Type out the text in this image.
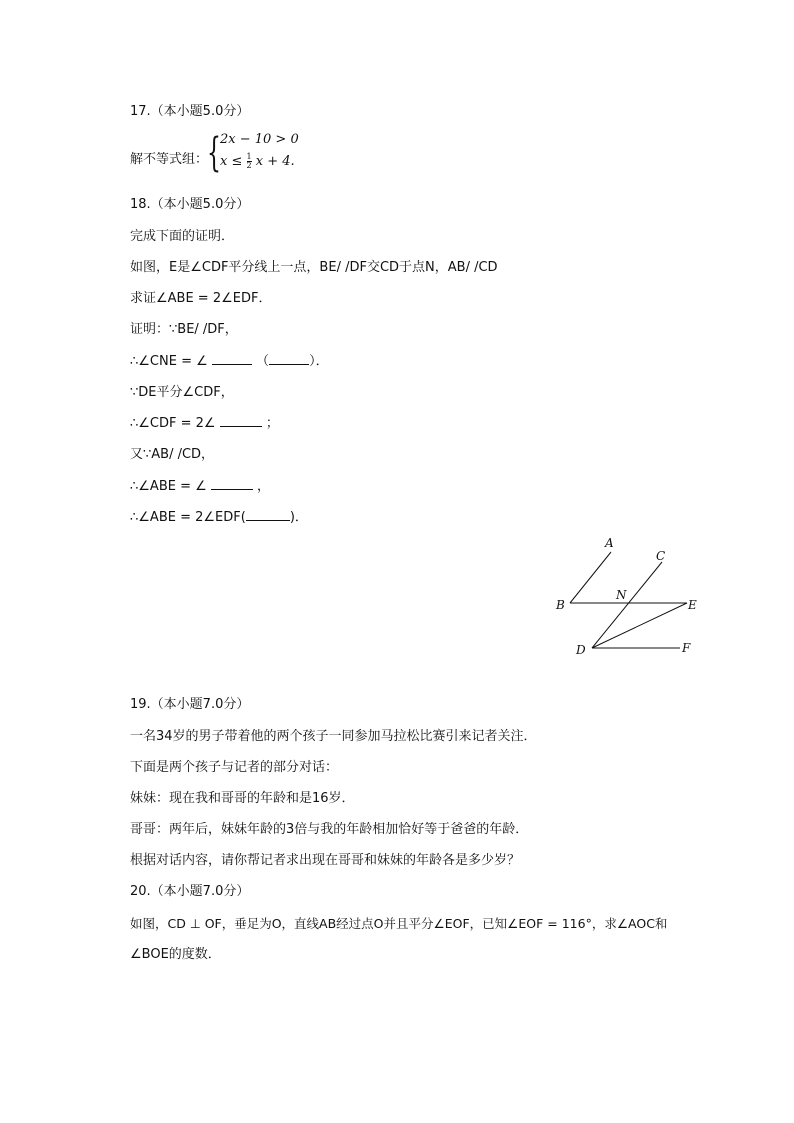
17.（本小题5.0分）
解不等式组：
{ 2x − 10 > 0
$x \le \frac{1}{2}$ x + 4.
18.（本小题5.0分）
完成下面的证明．
如图，E是∠CDF平分线上一点，BE/ /DF交CD于点N，AB/ /CD
求证∠ABE = 2∠EDF．
证明：∵BE/ /DF，
∴∠CNE = ∠	（	）．
∵DE平分∠CDF，
∴∠CDF = 2∠	；
又∵AB/ /CD，
∴∠ABE = ∠	，
∴∠ABE = 2∠EDF(	)．
A
C
B
N
E
D	F
19.（本小题7.0分）
一名34岁的男子带着他的两个孩子一同参加马拉松比赛引来记者关注．
下面是两个孩子与记者的部分对话：
妹妹：现在我和哥哥的年龄和是16岁．
哥哥：两年后，妹妹年龄的3倍与我的年龄相加恰好等于爸爸的年龄．
根据对话内容，请你帮记者求出现在哥哥和妹妹的年龄各是多少岁？
20.（本小题7.0分）
如图，CD ⊥ OF，垂足为O，直线AB经过点O并且平分∠EOF，已知∠EOF = 116°，求∠AOC和
∠BOE的度数．
